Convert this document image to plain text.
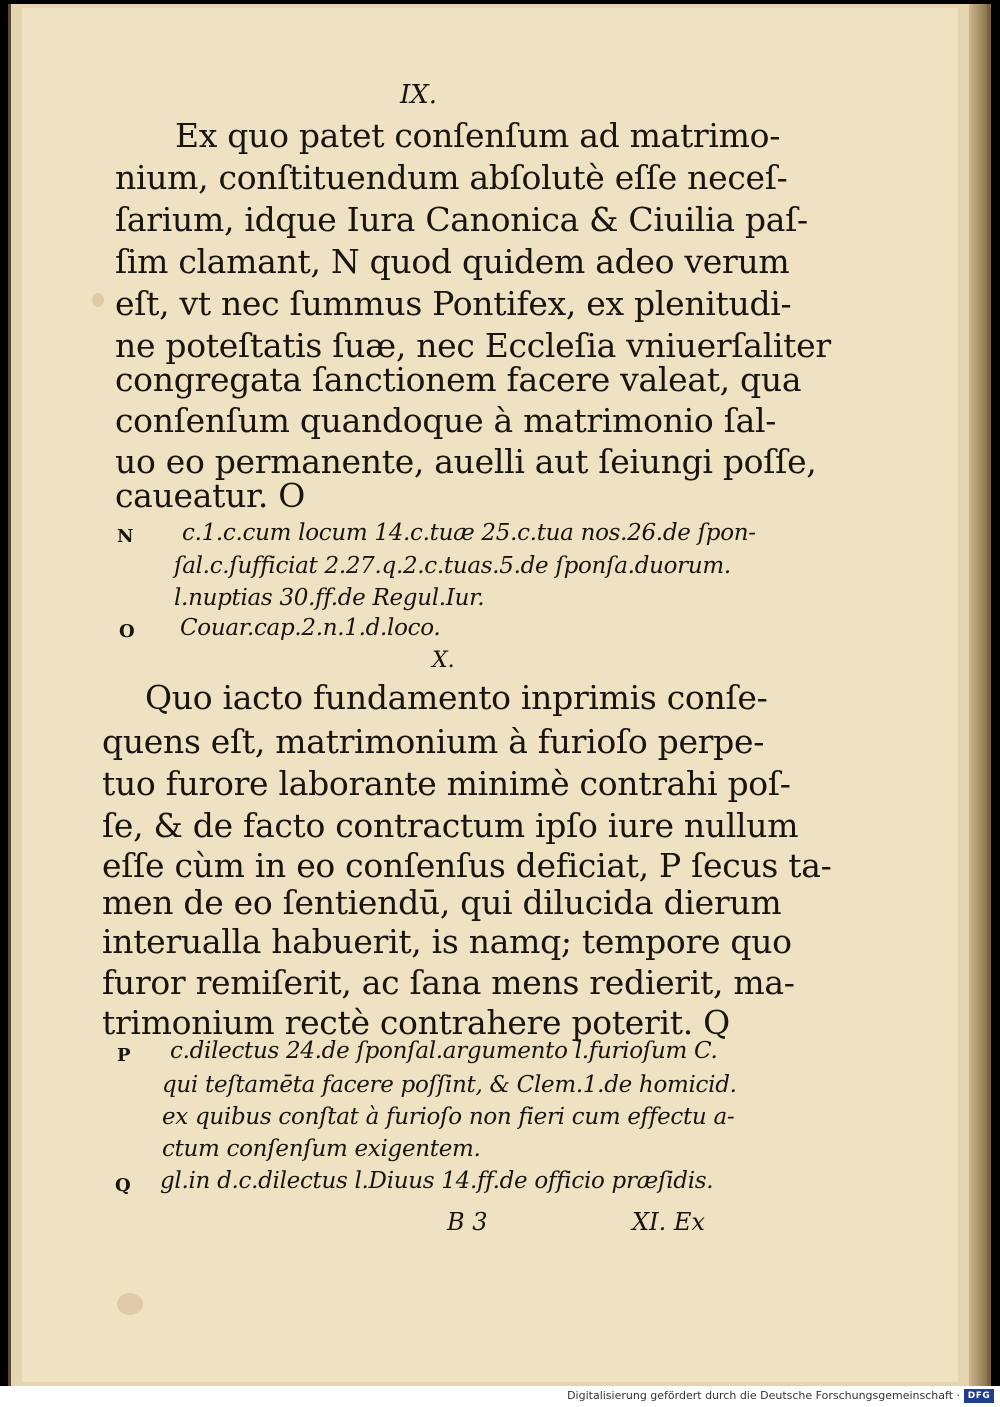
IX.
Ex quo patet conſenſum ad matrimo-
nium, conſtituendum abſolutè eſſe neceſ-
ſarium, idque Iura Canonica & Ciuilia paſ-
ſim clamant, N quod quidem adeo verum
eſt, vt nec ſummus Pontifex, ex plenitudi-
ne poteſtatis ſuæ, nec Eccleſia vniuerſaliter
congregata ſanctionem facere valeat, qua
conſenſum quandoque à matrimonio ſal-
uo eo permanente, auelli aut ſeiungi poſſe,
caueatur. O
N c.1.c.cum locum 14.c.tuæ 25.c.tua nos.26.de ſpon-
ſal.c.ſufficiat 2.27.q.2.c.tuas.5.de ſponſa.duorum.
l.nuptias 30.ff.de Regul.Iur.
O Couar.cap.2.n.1.d.loco.
X.
Quo iacto fundamento inprimis conſe-
quens eſt, matrimonium à furioſo perpe-
tuo furore laborante minimè contrahi poſ-
ſe, & de facto contractum ipſo iure nullum
eſſe cùm in eo conſenſus deficiat, P ſecus ta-
men de eo ſentiendū, qui dilucida dierum
interualla habuerit, is namq; tempore quo
furor remiſerit, ac ſana mens redierit, ma-
trimonium rectè contrahere poterit. Q
P c.dilectus 24.de ſponſal.argumento l.furioſum C.
qui teſtamēta facere poſſint, & Clem.1.de homicid.
ex quibus conſtat à furioſo non fieri cum effectu a-
ctum conſenſum exigentem.
Q gl.in d.c.dilectus l.Diuus 14.ff.de officio præſidis.
B 3	XI. Ex
Digitalisierung gefördert durch die Deutsche Forschungsgemeinschaft · DFG
